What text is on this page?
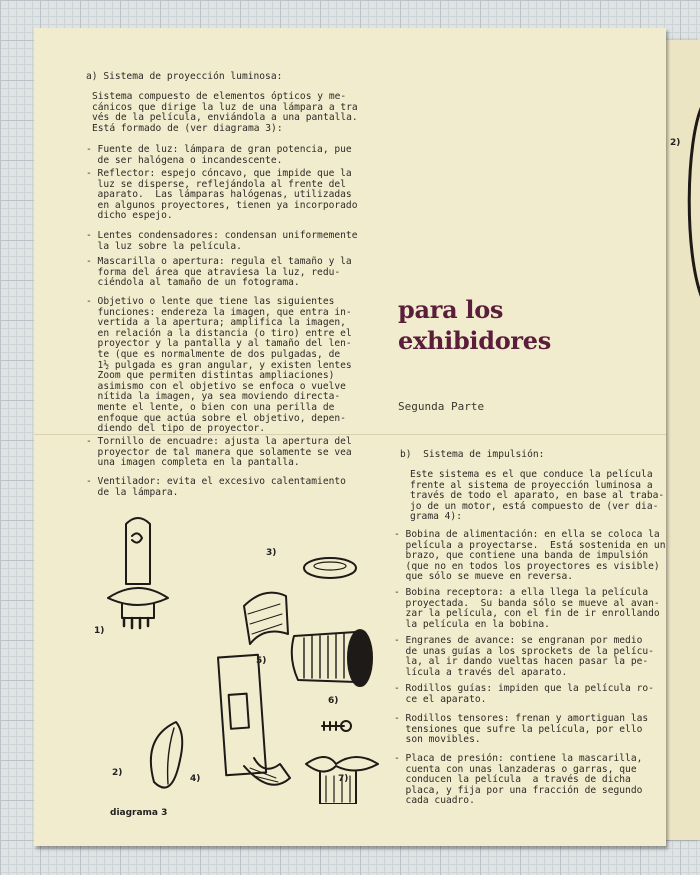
2)
a) Sistema de proyección luminosa:
Sistema compuesto de elementos ópticos y me-
cánicos que dirige la luz de una lámpara a tra
vés de la película, enviándola a una pantalla.
Está formado de (ver diagrama 3):
- Fuente de luz: lámpara de gran potencia, pue
de ser halógena o incandescente.
- Reflector: espejo cóncavo, que impide que la
luz se disperse, reflejándola al frente del
aparato.  Las lámparas halógenas, utilizadas
en algunos proyectores, tienen ya incorporado
dicho espejo.
- Lentes condensadores: condensan uniformemente
la luz sobre la película.
- Mascarilla o apertura: regula el tamaño y la
forma del área que atraviesa la luz, redu-
ciéndola al tamaño de un fotograma.
- Objetivo o lente que tiene las siguientes
funciones: endereza la imagen, que entra in-
vertida a la apertura; amplifica la imagen,
en relación a la distancia (o tiro) entre el
proyector y la pantalla y al tamaño del len-
te (que es normalmente de dos pulgadas, de
1½ pulgada es gran angular, y existen lentes
Zoom que permiten distintas ampliaciones)
asimismo con el objetivo se enfoca o vuelve
nítida la imagen, ya sea moviendo directa-
mente el lente, o bien con una perilla de
enfoque que actúa sobre el objetivo, depen-
diendo del tipo de proyector.
- Tornillo de encuadre: ajusta la apertura del
proyector de tal manera que solamente se vea
una imagen completa en la pantalla.
- Ventilador: evita el excesivo calentamiento
de la lámpara.
para los
exhibidores
Segunda Parte
b)  Sistema de impulsión:
Este sistema es el que conduce la película
frente al sistema de proyección luminosa a
través de todo el aparato, en base al traba-
jo de un motor, está compuesto de (ver dia-
grama 4):
- Bobina de alimentación: en ella se coloca la
película a proyectarse.  Está sostenida en un
brazo, que contiene una banda de impulsión
(que no en todos los proyectores es visible)
que sólo se mueve en reversa.
- Bobina receptora: a ella llega la película
proyectada.  Su banda sólo se mueve al avan-
zar la película, con el fin de ir enrollando
la película en la bobina.
- Engranes de avance: se engranan por medio
de unas guías a los sprockets de la pelícu-
la, al ir dando vueltas hacen pasar la pe-
lícula a través del aparato.
- Rodillos guías: impiden que la película ro-
ce el aparato.
- Rodillos tensores: frenan y amortiguan las
tensiones que sufre la película, por ello
son movibles.
- Placa de presión: contiene la mascarilla,
cuenta con unas lanzaderas o garras, que
conducen la película  a través de dicha
placa, y fija por una fracción de segundo
cada cuadro.
1)
2)
3)
4)
5)
6)
7)
diagrama 3
